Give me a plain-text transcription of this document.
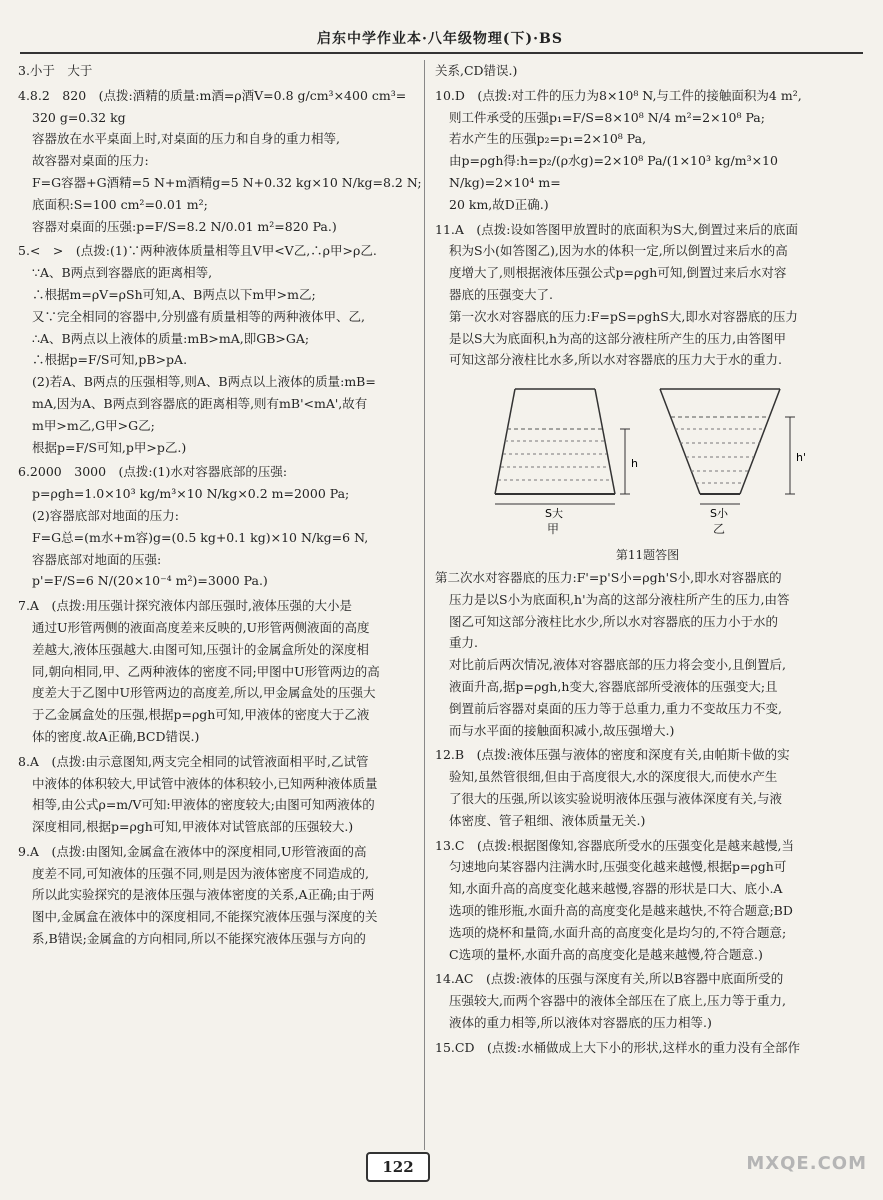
启东中学作业本·八年级物理(下)·BS

3.小于　大于

4.8.2　820　(点拨:酒精的质量:m酒=ρ酒V=0.8 g/cm³×400 cm³=

320 g=0.32 kg

容器放在水平桌面上时,对桌面的压力和自身的重力相等,

故容器对桌面的压力:

F=G容器+G酒精=5 N+m酒精g=5 N+0.32 kg×10 N/kg=8.2 N;

底面积:S=100 cm²=0.01 m²;

容器对桌面的压强:p=F/S=8.2 N/0.01 m²=820 Pa.)

5.<　>　(点拨:(1)∵两种液体质量相等且V甲<V乙,∴ρ甲>ρ乙.

∵A、B两点到容器底的距离相等,

∴根据m=ρV=ρSh可知,A、B两点以下m甲>m乙;

又∵完全相同的容器中,分别盛有质量相等的两种液体甲、乙,

∴A、B两点以上液体的质量:mB>mA,即GB>GA;

∴根据p=F/S可知,pB>pA.

(2)若A、B两点的压强相等,则A、B两点以上液体的质量:mB=

mA,因为A、B两点到容器底的距离相等,则有mB'<mA',故有

m甲>m乙,G甲>G乙;

根据p=F/S可知,p甲>p乙.)

6.2000　3000　(点拨:(1)水对容器底部的压强:

p=ρgh=1.0×10³ kg/m³×10 N/kg×0.2 m=2000 Pa;

(2)容器底部对地面的压力:

F=G总=(m水+m容)g=(0.5 kg+0.1 kg)×10 N/kg=6 N,

容器底部对地面的压强:

p'=F/S=6 N/(20×10⁻⁴ m²)=3000 Pa.)

7.A　(点拨:用压强计探究液体内部压强时,液体压强的大小是

通过U形管两侧的液面高度差来反映的,U形管两侧液面的高度

差越大,液体压强越大.由图可知,压强计的金属盒所处的深度相

同,朝向相同,甲、乙两种液体的密度不同;甲图中U形管两边的高

度差大于乙图中U形管两边的高度差,所以,甲金属盒处的压强大

于乙金属盒处的压强,根据p=ρgh可知,甲液体的密度大于乙液

体的密度.故A正确,BCD错误.)

8.A　(点拨:由示意图知,两支完全相同的试管液面相平时,乙试管

中液体的体积较大,甲试管中液体的体积较小,已知两种液体质量

相等,由公式ρ=m/V可知:甲液体的密度较大;由图可知两液体的

深度相同,根据p=ρgh可知,甲液体对试管底部的压强较大.)

9.A　(点拨:由图知,金属盒在液体中的深度相同,U形管液面的高

度差不同,可知液体的压强不同,则是因为液体密度不同造成的,

所以此实验探究的是液体压强与液体密度的关系,A正确;由于两

图中,金属盒在液体中的深度相同,不能探究液体压强与深度的关

系,B错误;金属盒的方向相同,所以不能探究液体压强与方向的

关系,CD错误.)

10.D　(点拨:对工件的压力为8×10⁸ N,与工件的接触面积为4 m²,

则工件承受的压强p₁=F/S=8×10⁸ N/4 m²=2×10⁸ Pa;

若水产生的压强p₂=p₁=2×10⁸ Pa,

由p=ρgh得:h=p₂/(ρ水g)=2×10⁸ Pa/(1×10³ kg/m³×10 N/kg)=2×10⁴ m=

20 km,故D正确.)

11.A　(点拨:设如答图甲放置时的底面积为S大,倒置过来后的底面

积为S小(如答图乙),因为水的体积一定,所以倒置过来后水的高

度增大了,则根据液体压强公式p=ρgh可知,倒置过来后水对容

器底的压强变大了.

第一次水对容器底的压力:F=pS=ρghS大,即水对容器底的压力

是以S大为底面积,h为高的这部分液柱所产生的压力,由答图甲

可知这部分液柱比水多,所以水对容器底的压力大于水的重力.

h	h'
S大	S小
甲	乙
第11题答图

第二次水对容器底的压力:F'=p'S小=ρgh'S小,即水对容器底的

压力是以S小为底面积,h'为高的这部分液柱所产生的压力,由答

图乙可知这部分液柱比水少,所以水对容器底的压力小于水的

重力.

对比前后两次情况,液体对容器底部的压力将会变小,且倒置后,

液面升高,据p=ρgh,h变大,容器底部所受液体的压强变大;且

倒置前后容器对桌面的压力等于总重力,重力不变故压力不变,

而与水平面的接触面积减小,故压强增大.)

12.B　(点拨:液体压强与液体的密度和深度有关,由帕斯卡做的实

验知,虽然管很细,但由于高度很大,水的深度很大,而使水产生

了很大的压强,所以该实验说明液体压强与液体深度有关,与液

体密度、管子粗细、液体质量无关.)

13.C　(点拨:根据图像知,容器底所受水的压强变化是越来越慢,当

匀速地向某容器内注满水时,压强变化越来越慢,根据p=ρgh可

知,水面升高的高度变化越来越慢,容器的形状是口大、底小.A

选项的锥形瓶,水面升高的高度变化是越来越快,不符合题意;BD

选项的烧杯和量筒,水面升高的高度变化是均匀的,不符合题意;

C选项的量杯,水面升高的高度变化是越来越慢,符合题意.)

14.AC　(点拨:液体的压强与深度有关,所以B容器中底面所受的

压强较大,而两个容器中的液体全部压在了底上,压力等于重力,

液体的重力相等,所以液体对容器底的压力相等.)

15.CD　(点拨:水桶做成上大下小的形状,这样水的重力没有全部作

122	MXQE.COM
